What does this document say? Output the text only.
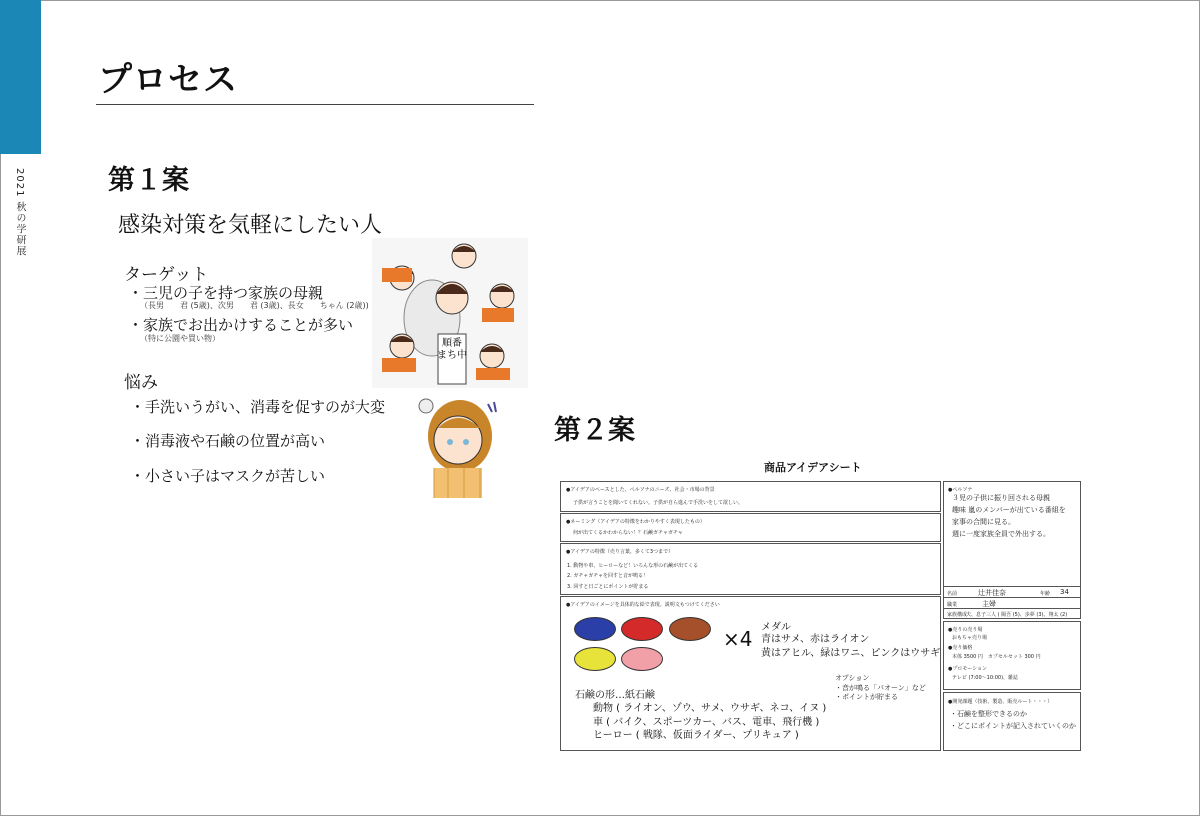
2021 秋の学研展
プロセス
第１案
感染対策を気軽にしたい人
ターゲット
・三児の子を持つ家族の母親
（長男　　君 (5歳)、次男　　君 (3歳)、長女　　ちゃん (2歳))
・家族でお出かけすることが多い
（特に公園や買い物）
悩み
・手洗いうがい、消毒を促すのが大変
・消毒液や石鹸の位置が高い
・小さい子はマスクが苦しい
順番まち中
第２案
商品アイデアシート
●アイデアのベースとした、ペルソナのニーズ、社会・市場の背景
子供が言うことを聞いてくれない。子供が自ら進んで手洗いをして欲しい。
●ネーミング（アイデアの特徴をわかりやすく表現したもの）
何が出てくるかわからない！？石鹸ガチャガチャ
●アイデアの特徴（売り言葉、多くて3つまで）
1. 動物や車、ヒーローなど！いろんな形の石鹸が出てくる
2. ガチャガチャを回すと音が鳴る！
3. 回すと日ごとにポイントが貯まる
●アイデアのイメージを具体的な絵で表現。説明文もつけてください
×4 メダル
青はサメ、赤はライオン
黄はアヒル、緑はワニ、ピンクはウサギ
オプション
・音が鳴る「パオーン」など
・ポイントが貯まる
石鹸の形…紙石鹸
動物 ( ライオン、ゾウ、サメ、ウサギ、ネコ、イヌ )
車 ( バイク、スポーツカー、バス、電車、飛行機 )
ヒーロー ( 戦隊、仮面ライダー、プリキュア )
●ペルソナ
３児の子供に振り回される母親
趣味 嵐のメンバーが出ている番組を
家事の合間に見る。
週に一度家族全員で外出する。
名前	辻井佳奈	年齢 34
職業	主婦
家族構成
夫、息子三人 ( 陽吾 (5)、歩夢 (3)、翔太 (2)
●売りの売り場
おもちゃ売り場
●売り価格
本体 3500 円　カプセルセット 300 円
●プロモーション
テレビ (7:00〜10:00)、雑誌
●開発課題（技術、製造、販売ルート・・・）
・石鹸を整形できるのか
・どこにポイントが記入されていくのか
